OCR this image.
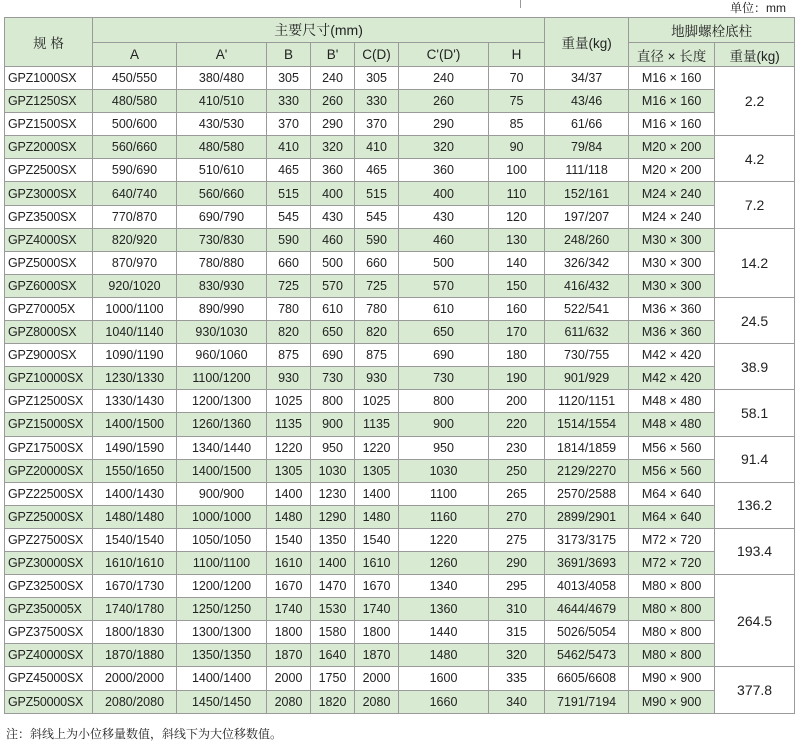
单位：mm
规 格	主要尺寸(mm)							重量(kg)	地脚螺栓底柱	
	A	A'	B	B'	C(D)	C'(D')	H		直径 × 长度	重量(kg)
GPZ1000SX	450/550	380/480	305	240	305	240	70	34/37	M16 × 160	2.2
GPZ1250SX	480/580	410/510	330	260	330	260	75	43/46	M16 × 160	
GPZ1500SX	500/600	430/530	370	290	370	290	85	61/66	M16 × 160	
GPZ2000SX	560/660	480/580	410	320	410	320	90	79/84	M20 × 200	4.2
GPZ2500SX	590/690	510/610	465	360	465	360	100	111/118	M20 × 200	
GPZ3000SX	640/740	560/660	515	400	515	400	110	152/161	M24 × 240	7.2
GPZ3500SX	770/870	690/790	545	430	545	430	120	197/207	M24 × 240	
GPZ4000SX	820/920	730/830	590	460	590	460	130	248/260	M30 × 300	14.2
GPZ5000SX	870/970	780/880	660	500	660	500	140	326/342	M30 × 300	
GPZ6000SX	920/1020	830/930	725	570	725	570	150	416/432	M30 × 300	
GPZ70005X	1000/1100	890/990	780	610	780	610	160	522/541	M36 × 360	24.5
GPZ8000SX	1040/1140	930/1030	820	650	820	650	170	611/632	M36 × 360	
GPZ9000SX	1090/1190	960/1060	875	690	875	690	180	730/755	M42 × 420	38.9
GPZ10000SX	1230/1330	1100/1200	930	730	930	730	190	901/929	M42 × 420	
GPZ12500SX	1330/1430	1200/1300	1025	800	1025	800	200	1120/1151	M48 × 480	58.1
GPZ15000SX	1400/1500	1260/1360	1135	900	1135	900	220	1514/1554	M48 × 480	
GPZ17500SX	1490/1590	1340/1440	1220	950	1220	950	230	1814/1859	M56 × 560	91.4
GPZ20000SX	1550/1650	1400/1500	1305	1030	1305	1030	250	2129/2270	M56 × 560	
GPZ22500SX	1400/1430	900/900	1400	1230	1400	1100	265	2570/2588	M64 × 640	136.2
GPZ25000SX	1480/1480	1000/1000	1480	1290	1480	1160	270	2899/2901	M64 × 640	
GPZ27500SX	1540/1540	1050/1050	1540	1350	1540	1220	275	3173/3175	M72 × 720	193.4
GPZ30000SX	1610/1610	1100/1100	1610	1400	1610	1260	290	3691/3693	M72 × 720	
GPZ32500SX	1670/1730	1200/1200	1670	1470	1670	1340	295	4013/4058	M80 × 800	264.5
GPZ350005X	1740/1780	1250/1250	1740	1530	1740	1360	310	4644/4679	M80 × 800	
GPZ37500SX	1800/1830	1300/1300	1800	1580	1800	1440	315	5026/5054	M80 × 800	
GPZ40000SX	1870/1880	1350/1350	1870	1640	1870	1480	320	5462/5473	M80 × 800	
GPZ45000SX	2000/2000	1400/1400	2000	1750	2000	1600	335	6605/6608	M90 × 900	377.8
GPZ50000SX	2080/2080	1450/1450	2080	1820	2080	1660	340	7191/7194	M90 × 900	
注：斜线上为小位移量数值，斜线下为大位移数值。
